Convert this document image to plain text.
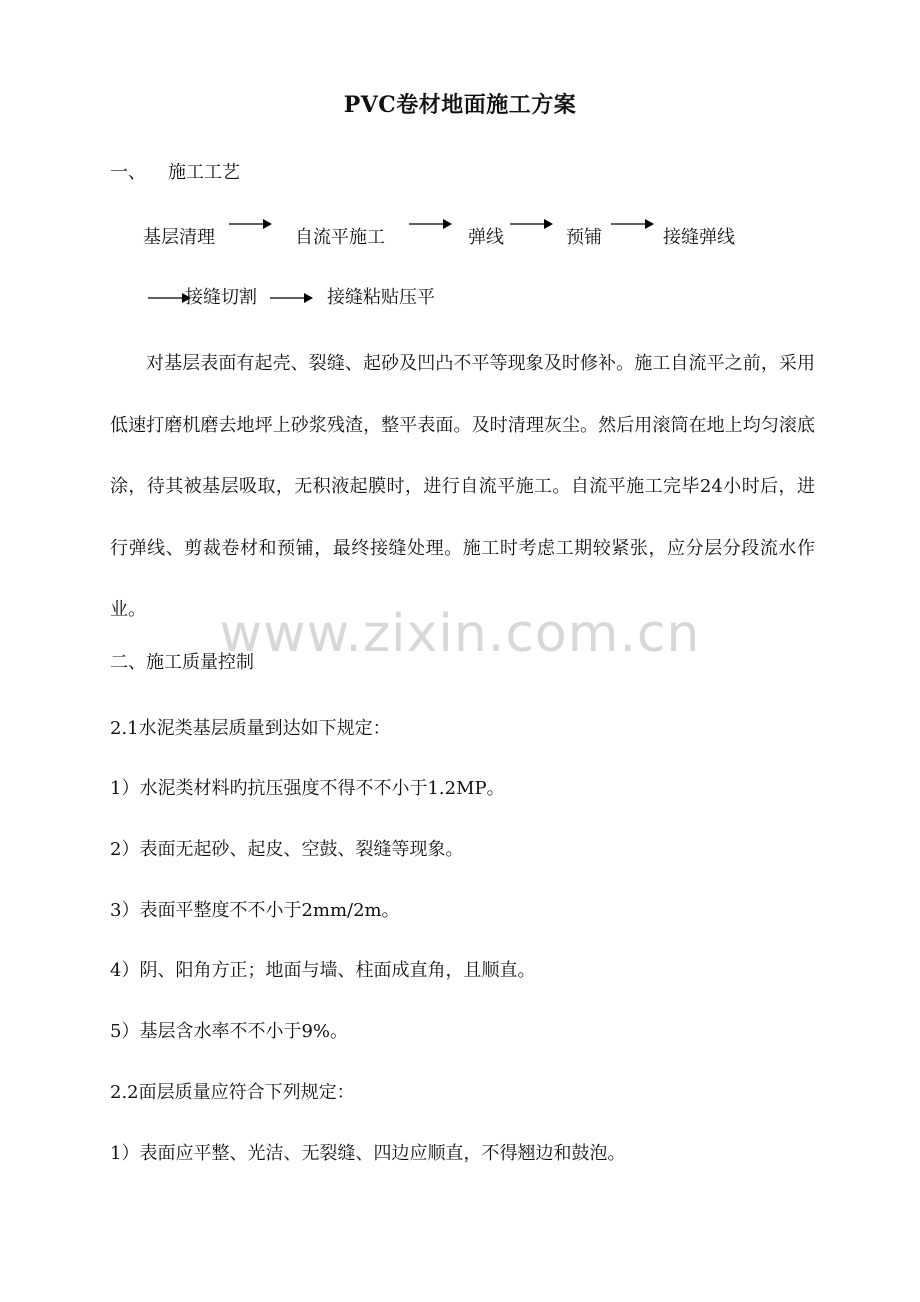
PVC卷材地面施工方案
一、 施工工艺
基层清理	自流平施工	弹线	预铺	接缝弹线
接缝切割	接缝粘贴压平
对基层表面有起壳、裂缝、起砂及凹凸不平等现象及时修补。施工自流平之前，采用低速打磨机磨去地坪上砂浆残渣，整平表面。及时清理灰尘。然后用滚筒在地上均匀滚底涂，待其被基层吸取，无积液起膜时，进行自流平施工。自流平施工完毕24小时后，进行弹线、剪裁卷材和预铺，最终接缝处理。施工时考虑工期较紧张，应分层分段流水作业。	www.zixin.com.cn
二、施工质量控制
2.1水泥类基层质量到达如下规定：
1）水泥类材料旳抗压强度不得不不小于1.2MP。
2）表面无起砂、起皮、空鼓、裂缝等现象。
3）表面平整度不不小于2mm/2m。
4）阴、阳角方正；地面与墙、柱面成直角，且顺直。
5）基层含水率不不小于9%。
2.2面层质量应符合下列规定：
1）表面应平整、光洁、无裂缝、四边应顺直，不得翘边和鼓泡。
